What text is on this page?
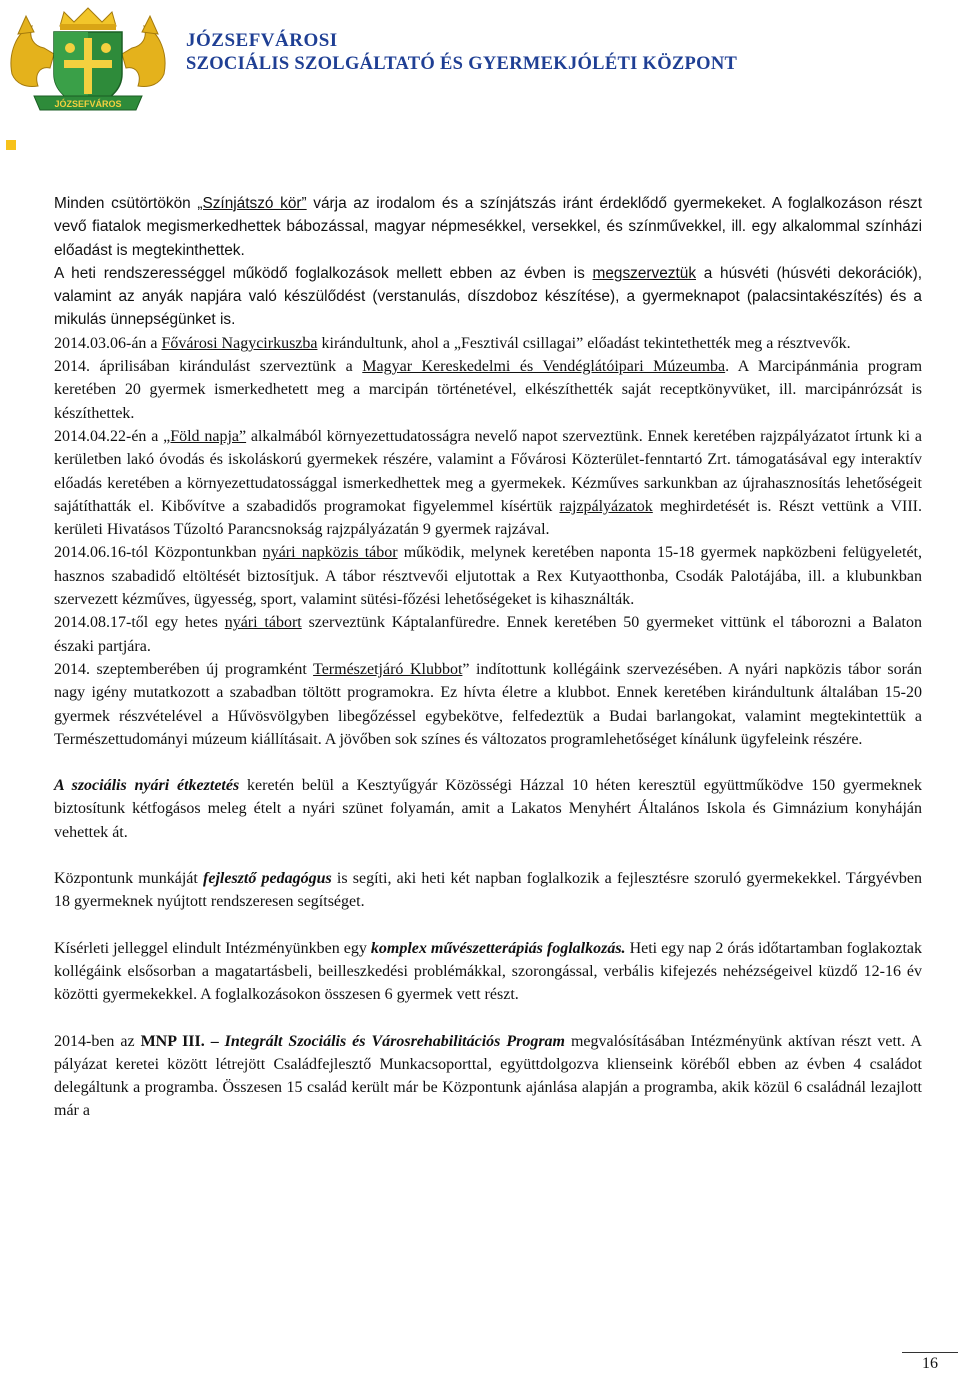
JÓZSEFVÁROS
JÓZSEFVÁROSI
SZOCIÁLIS SZOLGÁLTATÓ ÉS GYERMEKJÓLÉTI KÖZPONT

Minden csütörtökön „Színjátszó kör” várja az irodalom és a színjátszás iránt érdeklődő gyermekeket. A foglalkozáson részt vevő fiatalok megismerkedhettek bábozással, magyar népmesékkel, versekkel, és színművekkel, ill. egy alkalommal színházi előadást is megtekinthettek.

A heti rendszerességgel működő foglalkozások mellett ebben az évben is megszerveztük a húsvéti (húsvéti dekorációk), valamint az anyák napjára való készülődést (verstanulás, díszdoboz készítése), a gyermeknapot (palacsintakészítés) és a mikulás ünnepségünket is.

2014.03.06-án a Fővárosi Nagycirkuszba kirándultunk, ahol a „Fesztivál csillagai” előadást tekintethették meg a résztvevők.

2014. áprilisában kirándulást szerveztünk a Magyar Kereskedelmi és Vendéglátóipari Múzeumba. A Marcipánmánia program keretében 20 gyermek ismerkedhetett meg a marcipán történetével, elkészíthették saját receptkönyvüket, ill. marcipánrózsát is készíthettek.

2014.04.22-én a „Föld napja” alkalmából környezettudatosságra nevelő napot szerveztünk. Ennek keretében rajzpályázatot írtunk ki a kerületben lakó óvodás és iskoláskorú gyermekek részére, valamint a Fővárosi Közterület-fenntartó Zrt. támogatásával egy interaktív előadás keretében a környezettudatossággal ismerkedhettek meg a gyermekek. Kézműves sarkunkban az újrahasznosítás lehetőségeit sajátíthatták el. Kibővítve a szabadidős programokat figyelemmel kísértük rajzpályázatok meghirdetését is. Részt vettünk a VIII. kerületi Hivatásos Tűzoltó Parancsnokság rajzpályázatán 9 gyermek rajzával.

2014.06.16-tól Központunkban nyári napközis tábor működik, melynek keretében naponta 15-18 gyermek napközbeni felügyeletét, hasznos szabadidő eltöltését biztosítjuk. A tábor résztvevői eljutottak a Rex Kutyaotthonba, Csodák Palotájába, ill. a klubunkban szervezett kézműves, ügyesség, sport, valamint sütési-főzési lehetőségeket is kihasználták.

2014.08.17-től egy hetes nyári tábort szerveztünk Káptalanfüredre. Ennek keretében 50 gyermeket vittünk el táborozni a Balaton északi partjára.

2014. szeptemberében új programként Természetjáró Klubbot” indítottunk kollégáink szervezésében. A nyári napközis tábor során nagy igény mutatkozott a szabadban töltött programokra. Ez hívta életre a klubbot. Ennek keretében kirándultunk általában 15-20 gyermek részvételével a Hűvösvölgyben libegőzéssel egybekötve, felfedeztük a Budai barlangokat, valamint megtekintettük a Természettudományi múzeum kiállításait. A jövőben sok színes és változatos programlehetőséget kínálunk ügyfeleink részére.

A szociális nyári étkeztetés keretén belül a Kesztyűgyár Közösségi Házzal 10 héten keresztül együttműködve 150 gyermeknek biztosítunk kétfogásos meleg ételt a nyári szünet folyamán, amit a Lakatos Menyhért Általános Iskola és Gimnázium konyháján vehettek át.

Központunk munkáját fejlesztő pedagógus is segíti, aki heti két napban foglalkozik a fejlesztésre szoruló gyermekekkel. Tárgyévben 18 gyermeknek nyújtott rendszeresen segítséget.

Kísérleti jelleggel elindult Intézményünkben egy komplex művészetterápiás foglalkozás. Heti egy nap 2 órás időtartamban foglakoztak kollégáink elsősorban a magatartásbeli, beilleszkedési problémákkal, szorongással, verbális kifejezés nehézségeivel küzdő 12-16 év közötti gyermekekkel. A foglalkozásokon összesen 6 gyermek vett részt.

2014-ben az MNP III. – Integrált Szociális és Városrehabilitációs Program megvalósításában Intézményünk aktívan részt vett. A pályázat keretei között létrejött Családfejlesztő Munkacsoporttal, együttdolgozva klienseink köréből ebben az évben 4 családot delegáltunk a programba. Összesen 15 család került már be Központunk ajánlása alapján a programba, akik közül 6 családnál lezajlott már a

16
